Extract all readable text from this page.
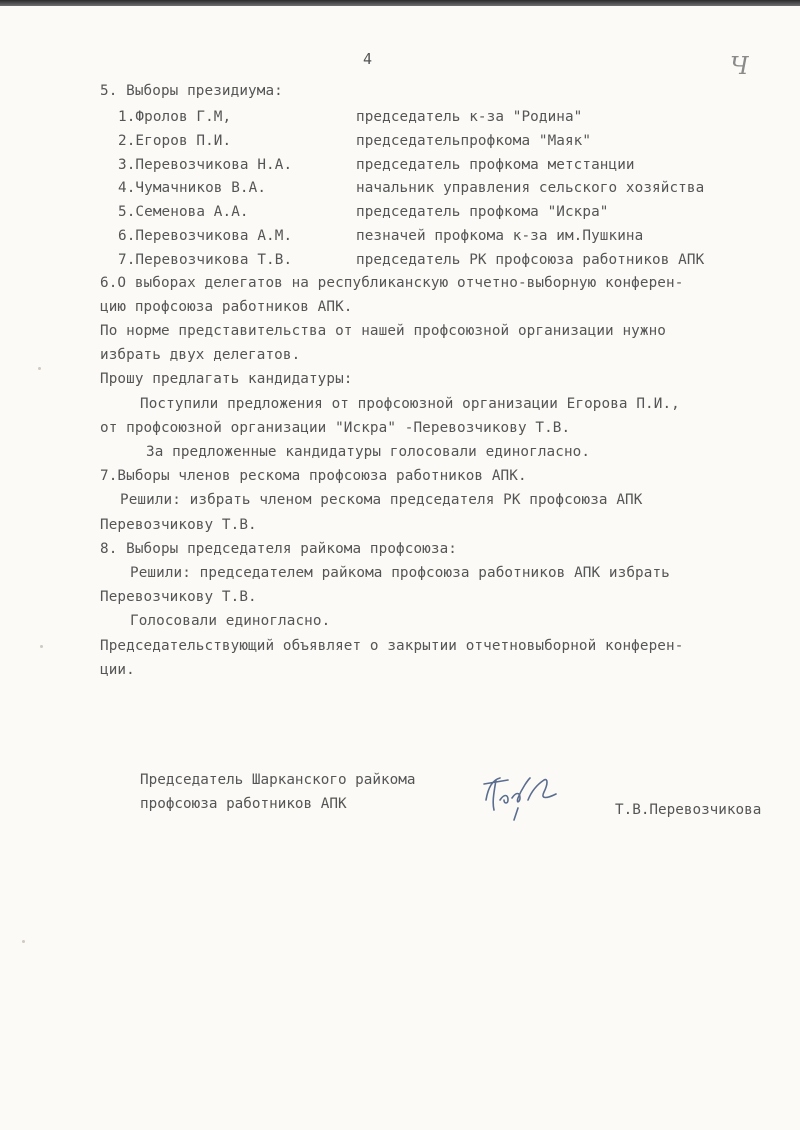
4	Ч
5. Выборы президиума:
1.Фролов Г.М,	председатель к-за "Родина"
2.Егоров П.И.	председательпрофкома "Маяк"
3.Перевозчикова Н.А.	председатель профкома метстанции
4.Чумачников В.А.	начальник управления сельского хозяйства
5.Семенова А.А.	председатель профкома "Искра"
6.Перевозчикова А.М.	пезначей профкома к-за им.Пушкина
7.Перевозчикова Т.В.	председатель РК профсоюза работников АПК
6.О выборах делегатов на республиканскую отчетно-выборную конферен-
цию профсоюза работников АПК.
По норме представительства от нашей профсоюзной организации нужно
избрать двух делегатов.
Прошу предлагать кандидатуры:
Поступили предложения от профсоюзной организации Егорова П.И.,
от профсоюзной организации "Искра" -Перевозчикову Т.В.
За предложенные кандидатуры голосовали единогласно.
7.Выборы членов рескома профсоюза работников АПК.
Решили: избрать членом рескома председателя РК профсоюза АПК
Перевозчикову Т.В.
8. Выборы председателя райкома профсоюза:
Решили: председателем райкома профсоюза работников АПК избрать
Перевозчикову Т.В.
Голосовали единогласно.
Председательствующий объявляет о закрытии отчетновыборной конферен-
ции.
Председатель Шарканского райкома
профсоюза работников АПК	Т.В.Перевозчикова
